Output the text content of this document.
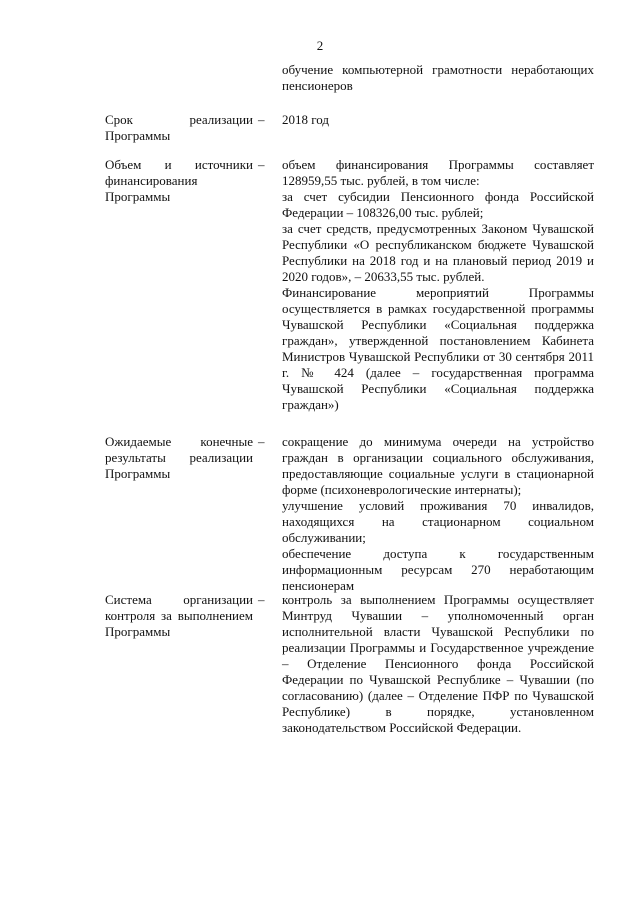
2

обучение компьютерной грамотности неработающих пенсионеров

Срок реализации Программы
– 2018 год

Объем и источники финансирования Программы
– объем финансирования Программы составляет 128959,55 тыс. рублей, в том числе:

за счет субсидии Пенсионного фонда Российской Федерации – 108326,00 тыс. рублей;

за счет средств, предусмотренных Законом Чувашской Республики «О республиканском бюджете Чувашской Республики на 2018 год и на плановый период 2019 и 2020 годов», – 20633,55 тыс. рублей.

Финансирование мероприятий Программы осуществляется в рамках государственной программы Чувашской Республики «Социальная поддержка граждан», утвержденной постановлением Кабинета Министров Чувашской Республики от 30 сентября 2011 г. № 424 (далее – государственная программа Чувашской Республики «Социальная поддержка граждан»)

Ожидаемые конечные результаты реализации Программы
– сокращение до минимума очереди на устройство граждан в организации социального обслуживания, предоставляющие социальные услуги в стационарной форме (психоневрологические интернаты);

улучшение условий проживания 70 инвалидов, находящихся на стационарном социальном обслуживании;

обеспечение доступа к государственным информационным ресурсам 270 неработающим пенсионерам

Система организации контроля за выполнением Программы
– контроль за выполнением Программы осуществляет Минтруд Чувашии – уполномоченный орган исполнительной власти Чувашской Республики по реализации Программы и Государственное учреждение – Отделение Пенсионного фонда Российской Федерации по Чувашской Республике – Чувашии (по согласованию) (далее – Отделение ПФР по Чувашской Республике) в порядке, установленном законодательством Российской Федерации.
